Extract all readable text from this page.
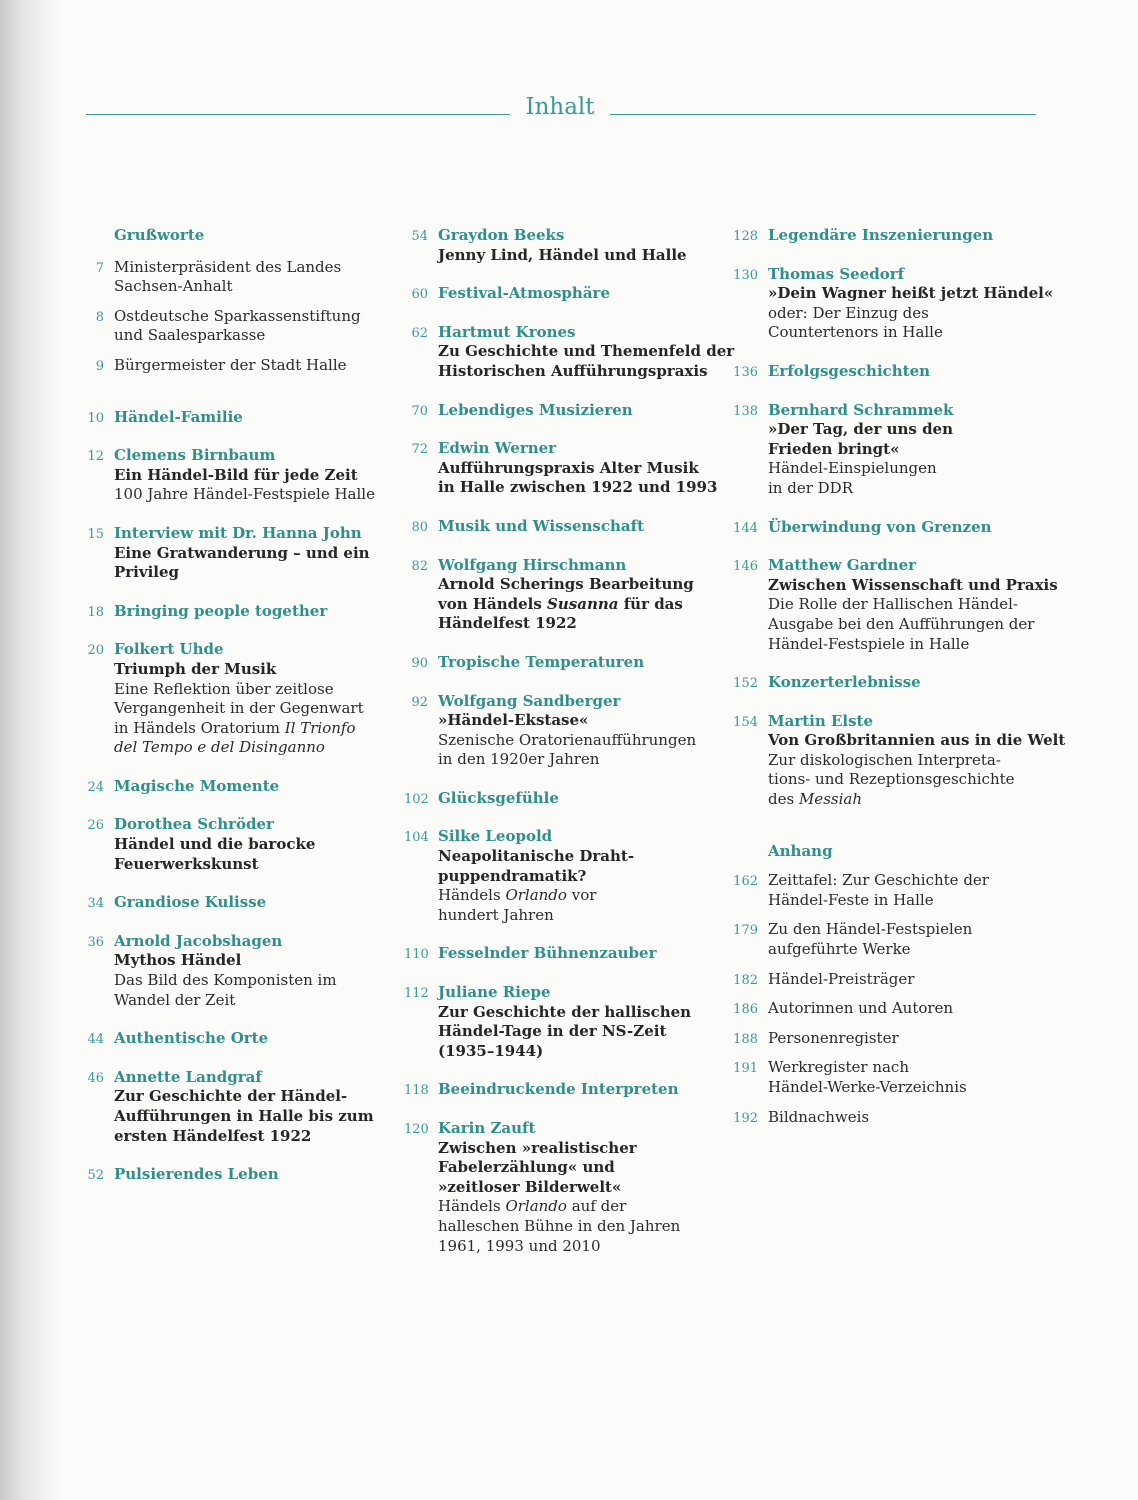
Inhalt
Grußworte
7 Ministerpräsident des Landes
Sachsen-Anhalt
8 Ostdeutsche Sparkassenstiftung
und Saalesparkasse
9 Bürgermeister der Stadt Halle
10 Händel-Familie
12 Clemens Birnbaum
Ein Händel-Bild für jede Zeit
100 Jahre Händel-Festspiele Halle
15 Interview mit Dr. Hanna John
Eine Gratwanderung – und ein
Privileg
18 Bringing people together
20 Folkert Uhde
Triumph der Musik
Eine Reflektion über zeitlose
Vergangenheit in der Gegenwart
in Händels Oratorium Il Trionfo
del Tempo e del Disinganno
24 Magische Momente
26 Dorothea Schröder
Händel und die barocke
Feuerwerkskunst
34 Grandiose Kulisse
36 Arnold Jacobshagen
Mythos Händel
Das Bild des Komponisten im
Wandel der Zeit
44 Authentische Orte
46 Annette Landgraf
Zur Geschichte der Händel-
Aufführungen in Halle bis zum
ersten Händelfest 1922
52 Pulsierendes Leben
54 Graydon Beeks
Jenny Lind, Händel und Halle
60 Festival-Atmosphäre
62 Hartmut Krones
Zu Geschichte und Themenfeld der
Historischen Aufführungspraxis
70 Lebendiges Musizieren
72 Edwin Werner
Aufführungspraxis Alter Musik
in Halle zwischen 1922 und 1993
80 Musik und Wissenschaft
82 Wolfgang Hirschmann
Arnold Scherings Bearbeitung
von Händels Susanna für das
Händelfest 1922
90 Tropische Temperaturen
92 Wolfgang Sandberger
»Händel-Ekstase«
Szenische Oratorienaufführungen
in den 1920er Jahren
102 Glücksgefühle
104 Silke Leopold
Neapolitanische Draht-
puppendramatik?
Händels Orlando vor
hundert Jahren
110 Fesselnder Bühnenzauber
112 Juliane Riepe
Zur Geschichte der hallischen
Händel-Tage in der NS-Zeit
(1935–1944)
118 Beeindruckende Interpreten
120 Karin Zauft
Zwischen »realistischer
Fabelerzählung« und
»zeitloser Bilderwelt«
Händels Orlando auf der
halleschen Bühne in den Jahren
1961, 1993 und 2010
128 Legendäre Inszenierungen
130 Thomas Seedorf
»Dein Wagner heißt jetzt Händel«
oder: Der Einzug des
Countertenors in Halle
136 Erfolgsgeschichten
138 Bernhard Schrammek
»Der Tag, der uns den
Frieden bringt«
Händel-Einspielungen
in der DDR
144 Überwindung von Grenzen
146 Matthew Gardner
Zwischen Wissenschaft und Praxis
Die Rolle der Hallischen Händel-
Ausgabe bei den Aufführungen der
Händel-Festspiele in Halle
152 Konzerterlebnisse
154 Martin Elste
Von Großbritannien aus in die Welt
Zur diskologischen Interpreta-
tions- und Rezeptionsgeschichte
des Messiah
Anhang
162 Zeittafel: Zur Geschichte der
Händel-Feste in Halle
179 Zu den Händel-Festspielen
aufgeführte Werke
182 Händel-Preisträger
186 Autorinnen und Autoren
188 Personenregister
191 Werkregister nach
Händel-Werke-Verzeichnis
192 Bildnachweis
